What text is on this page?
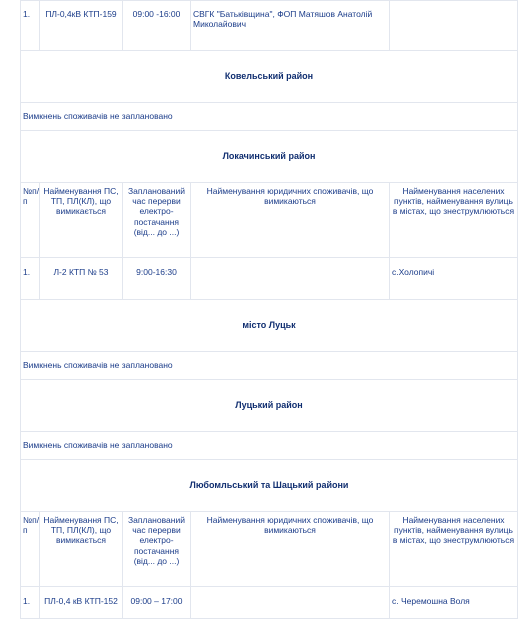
1.	ПЛ-0,4кВ КТП-159	09:00 -16:00	СВГК "Батьківщина", ФОП Матяшов Анатолій Миколайович	
Ковельський район				
Вимкнень споживачів не заплановано				
Локачинський район				
№п/п	Найменування ПС, ТП, ПЛ(КЛ), що вимикається	Запланований час перерви електро-постачання (від... до ...)	Найменування юридичних споживачів, що вимикаються	Найменування населених пунктів, найменування вулиць в містах, що знеструмлюються
1.	Л-2 КТП № 53	9:00-16:30		с.Холопичі
місто Луцьк				
Вимкнень споживачів не заплановано				
Луцький район				
Вимкнень споживачів не заплановано				
Любомльський та Шацький райони				
№п/п	Найменування ПС, ТП, ПЛ(КЛ), що вимикається	Запланований час перерви електро-постачання (від... до ...)	Найменування юридичних споживачів, що вимикаються	Найменування населених пунктів, найменування вулиць в містах, що знеструмлюються
1.	ПЛ-0,4 кВ КТП-152	09:00 – 17:00		с. Черемошна Воля
